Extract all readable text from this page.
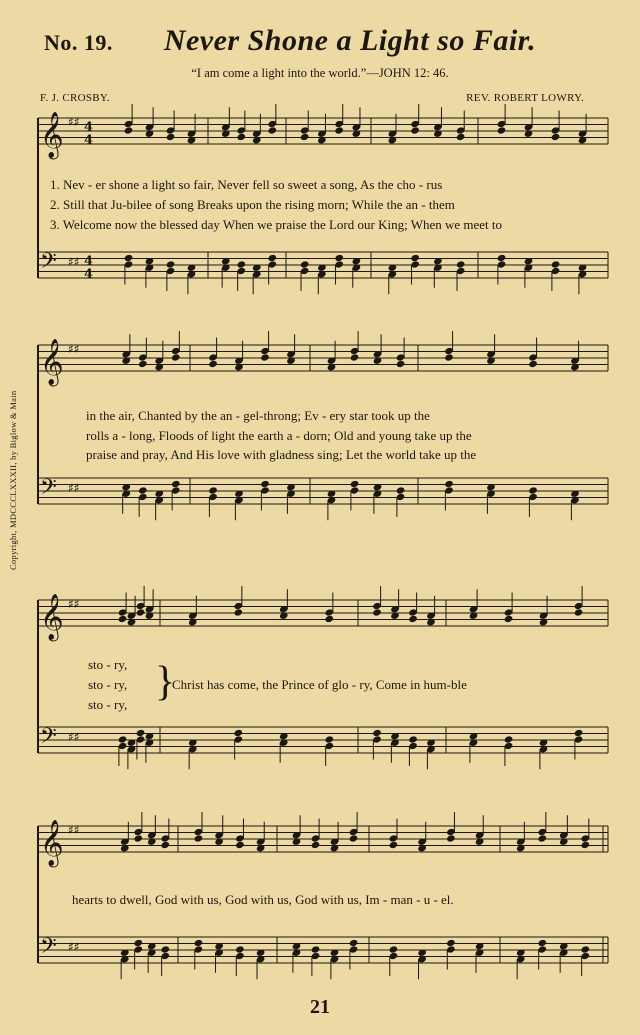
No. 19. Never Shone a Light so Fair.
“I am come a light into the world.”—JOHN 12: 46.
F. J. CROSBY.	REV. ROBERT LOWRY.
Copyright, MDCCCLXXXII, by Biglow & Main
𝄞 ♯♯ 4
4
𝄢 ♯♯ 4
4
𝄞 ♯♯
𝄢 ♯♯
𝄞 ♯♯
𝄢 ♯♯
𝄞 ♯♯
𝄢 ♯♯
1. Nev - er shone a light so fair, Never fell so sweet a song, As the cho - rus
2. Still that Ju-bilee of song Breaks upon the rising morn; While the an - them
3. Welcome now the blessed day When we praise the Lord our King; When we meet to
in the air, Chanted by the an - gel-throng; Ev - ery star took up the
rolls a - long, Floods of light the earth a - dorn; Old and young take up the
praise and pray, And His love with gladness sing; Let the world take up the
sto - ry,
sto - ry,
sto - ry, }
Christ has come, the Prince of glo - ry, Come in hum-ble
hearts to dwell, God with us, God with us, God with us, Im - man - u - el.
21
